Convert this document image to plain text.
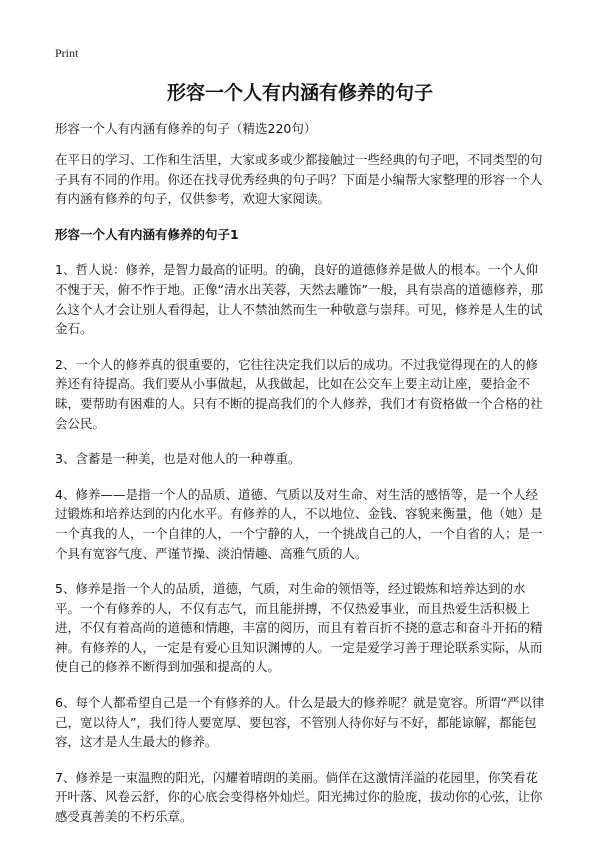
Print
形容一个人有内涵有修养的句子
形容一个人有内涵有修养的句子（精选220句）

在平日的学习、工作和生活里，大家或多或少都接触过一些经典的句子吧，不同类型的句子具有不同的作用。你还在找寻优秀经典的句子吗？下面是小编帮大家整理的形容一个人有内涵有修养的句子，仅供参考，欢迎大家阅读。

形容一个人有内涵有修养的句子1

1、哲人说：修养，是智力最高的证明。的确，良好的道德修养是做人的根本。一个人仰不愧于天，俯不怍于地。正像“清水出芙蓉，天然去雕饰”一般，具有崇高的道德修养，那么这个人才会让别人看得起，让人不禁油然而生一种敬意与崇拜。可见，修养是人生的试金石。

2、一个人的修养真的很重要的，它往往决定我们以后的成功。不过我觉得现在的人的修养还有待提高。我们要从小事做起，从我做起，比如在公交车上要主动让座，要拾金不昧，要帮助有困难的人。只有不断的提高我们的个人修养，我们才有资格做一个合格的社会公民。

3、含蓄是一种美，也是对他人的一种尊重。

4、修养——是指一个人的品质、道德、气质以及对生命、对生活的感悟等，是一个人经过锻炼和培养达到的内化水平。有修养的人，不以地位、金钱、容貌来衡量，他（她）是一个真我的人，一个自律的人，一个宁静的人，一个挑战自己的人，一个自省的人；是一个具有宽容气度、严谨节操、淡泊情趣、高雅气质的人。

5、修养是指一个人的品质，道德，气质，对生命的领悟等，经过锻炼和培养达到的水平。一个有修养的人，不仅有志气，而且能拼搏，不仅热爱事业，而且热爱生活积极上进，不仅有着高尚的道德和情趣，丰富的阅历，而且有着百折不挠的意志和奋斗开拓的精神。有修养的人，一定是有爱心且知识渊博的人。一定是爱学习善于理论联系实际，从而使自己的修养不断得到加强和提高的人。

6、每个人都希望自己是一个有修养的人。什么是最大的修养呢？就是宽容。所谓“严以律己，宽以待人”，我们待人要宽厚、要包容，不管别人待你好与不好，都能谅解，都能包容，这才是人生最大的修养。

7、修养是一束温煦的阳光，闪耀着晴朗的美丽。倘佯在这激情洋溢的花园里，你笑看花开叶落、风卷云舒，你的心底会变得格外灿烂。阳光拂过你的脸庞，拔动你的心弦，让你感受真善美的不朽乐章。
